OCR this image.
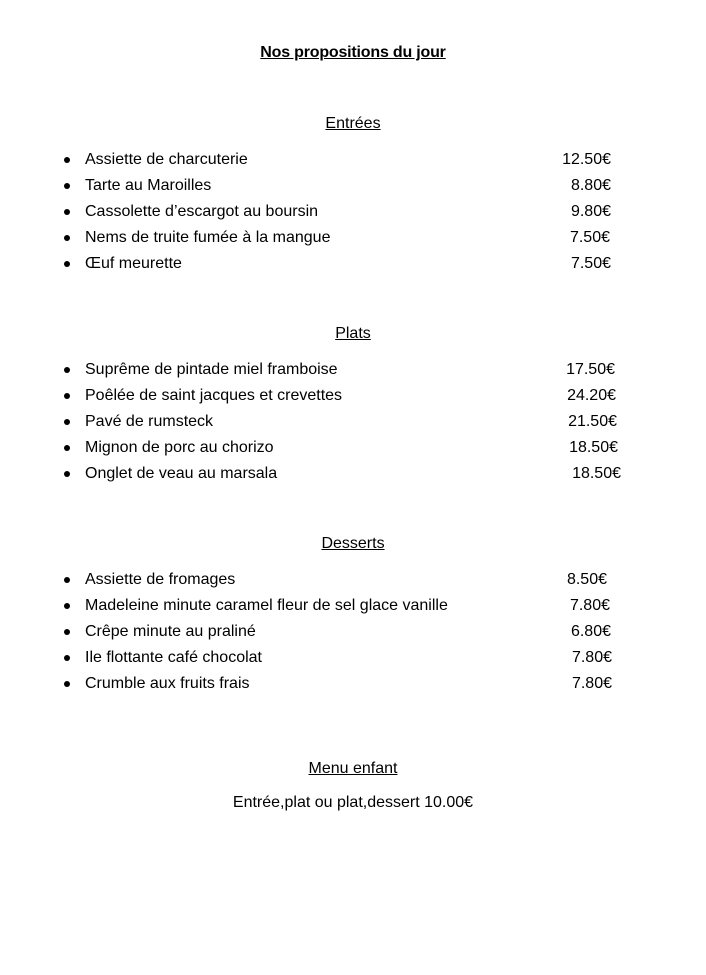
Nos propositions du jour
Entrées
Assiette de charcuterie	12.50€
Tarte au Maroilles	8.80€
Cassolette d’escargot au boursin	9.80€
Nems de truite fumée à la mangue	7.50€
Œuf meurette	7.50€
Plats
Suprême de pintade miel framboise	17.50€
Poêlée de saint jacques et crevettes	24.20€
Pavé de rumsteck	21.50€
Mignon de porc au chorizo	18.50€
Onglet de veau au marsala	18.50€
Desserts
Assiette de fromages	8.50€
Madeleine minute caramel fleur de sel glace vanille	7.80€
Crêpe minute au praliné	6.80€
Ile flottante café chocolat	7.80€
Crumble aux fruits frais	7.80€
Menu enfant
Entrée,plat ou plat,dessert 10.00€
